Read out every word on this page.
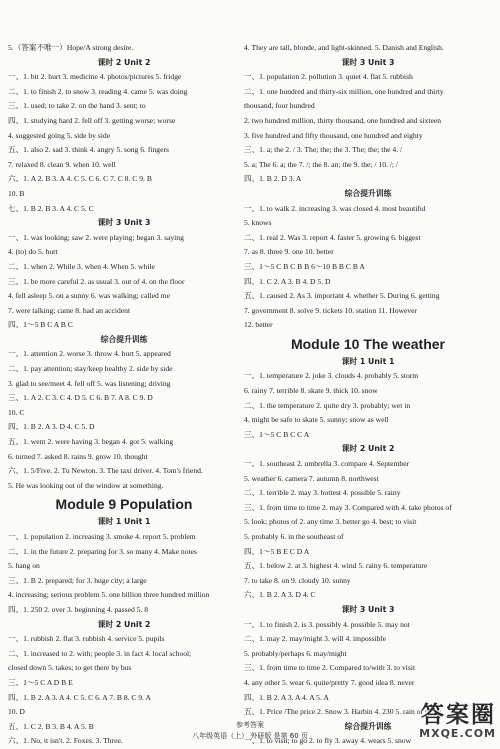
5.（答案不唯一）Hope/A strong desire.
课时 2 Unit 2
一、1. bit 2. hurt 3. medicine 4. photos/pictures 5. fridge
二、1. to finish 2. to snow 3. reading 4. came 5. was doing
三、1. used; to take 2. on the hand 3. sent; to
四、1. studying hard 2. fell off 3. getting worse; worse
4. suggested going 5. side by side
五、1. also 2. sad 3. think 4. angry 5. song 6. fingers
7. relaxed 8. clean 9. when 10. well
六、1. A 2. B 3. A 4. C 5. C 6. C 7. C 8. C 9. B
10. B
七、1. B 2. B 3. A 4. C 5. C
课时 3 Unit 3
一、1. was looking; saw 2. were playing; began 3. saying
4. (to) do 5. hurt
二、1. when 2. While 3. when 4. When 5. while
三、1. be more careful 2. as usual 3. out of 4. on the floor
4. fell asleep 5. on a sunny 6. was walking; called me
7. were talking; came 8. had an accident
四、1～5 B C A B C
综合提升训练
一、1. attention 2. worse 3. throw 4. hurt 5. appeared
二、1. pay attention; stay/keep healthy 2. side by side
3. glad to see/meet 4. fell off 5. was listening; driving
三、1. A 2. C 3. C 4. D 5. C 6. B 7. A 8. C 9. D
10. C
四、1. B 2. A 3. D 4. C 5. D
五、1. went 2. were having 3. began 4. got 5. walking
6. turned 7. asked 8. rains 9. grow 10. thought
六、1. 5/Five. 2. Tu Newton. 3. The taxi driver. 4. Tom's friend.
5. He was looking out of the window at something.
Module 9 Population
课时 1 Unit 1
一、1. population 2. increasing 3. smoke 4. report 5. problem
二、1. in the future 2. preparing for 3. so many 4. Make notes
5. hang on
三、1. B 2. prepared; for 3. huge city; a large
4. increasing; serious problem 5. one billion three hundred million
四、1. 250 2. over 3. beginning 4. passed 5. 8
课时 2 Unit 2
一、1. rubbish 2. flat 3. rubbish 4. service 5. pupils
二、1. increased to 2. with; people 3. in fact 4. local school;
closed down 5. takes; to get there by bus
三、1～5 C A D B E
四、1. B 2. A 3. A 4. C 5. C 6. A 7. B 8. C 9. A
10. D
五、1. C 2. B 3. B 4. A 5. B
六、1. No, it isn't. 2. Foxes. 3. Three.
4. They are tall, blonde, and light-skinned. 5. Danish and English.
课时 3 Unit 3
一、1. population 2. pollution 3. quiet 4. flat 5. rubbish
二、1. one hundred and thirty-six million, one hundred and thirty
thousand, four hundred
2. two hundred million, thirty thousand, one hundred and sixteen
3. five hundred and fifty thousand, one hundred and eighty
三、1. a; the 2. / 3. The; the; the 3. The; the; the 4. /
5. a; The 6. a; the 7. /; the 8. an; the 9. the; / 10. /; /
四、1. B 2. D 3. A
综合提升训练
一、1. to walk 2. increasing 3. was closed 4. most beautiful
5. knows
二、1. real 2. Was 3. report 4. faster 5. growing 6. biggest
7. as 8. three 9. one 10. better
三、1～5 C B C B B 6～10 B B C B A
四、1. C 2. A 3. B 4. D 5. D
五、1. caused 2. As 3. important 4. whether 5. During 6. getting
7. government 8. solve 9. tickets 10. station 11. However
12. better
Module 10 The weather
课时 1 Unit 1
一、1. temperature 2. joke 3. clouds 4. probably 5. storm
6. rainy 7. terrible 8. skate 9. thick 10. snow
二、1. the temperature 2. quite dry 3. probably; wet in
4. might be safe to skate 5. sunny; snow as well
三、1～5 C B C C A
课时 2 Unit 2
一、1. southeast 2. umbrella 3. compare 4. September
5. weather 6. camera 7. autumn 8. northwest
二、1. terrible 2. may 3. hottest 4. possible 5. rainy
三、1. from time to time 2. may 3. Compared with 4. take photos of
5. look; photos of 2. any time 3. better go 4. best; to visit
5. probably 6. in the southeast of
四、1～5 B E C D A
五、1. below 2. at 3. highest 4. wind 5. rainy 6. temperature
7. to take 8. on 9. cloudy 10. sunny
六、1. B 2. A 3. D 4. C
课时 3 Unit 3
一、1. to finish 2. is 3. possibly 4. possible 5. may not
二、1. may 2. may/might 3. will 4. impossible
5. probably/perhaps 6. may/might
三、1. from time to time 2. Compared to/with 3. to visit
4. any other 5. wear 6. quite/pretty 7. good idea 8. never
四、1. B 2. A 3. A 4. A 5. A
五、1. Price /The price 2. Snow 3. Harbin 4. 230 5. rain or snow
综合提升训练
一、1. to visit; to go 2. to fly 3. away 4. wears 5. snow
参考答案
八年级英语（上） 外研版 是第 60 页
答案圈
MXQE.COM
